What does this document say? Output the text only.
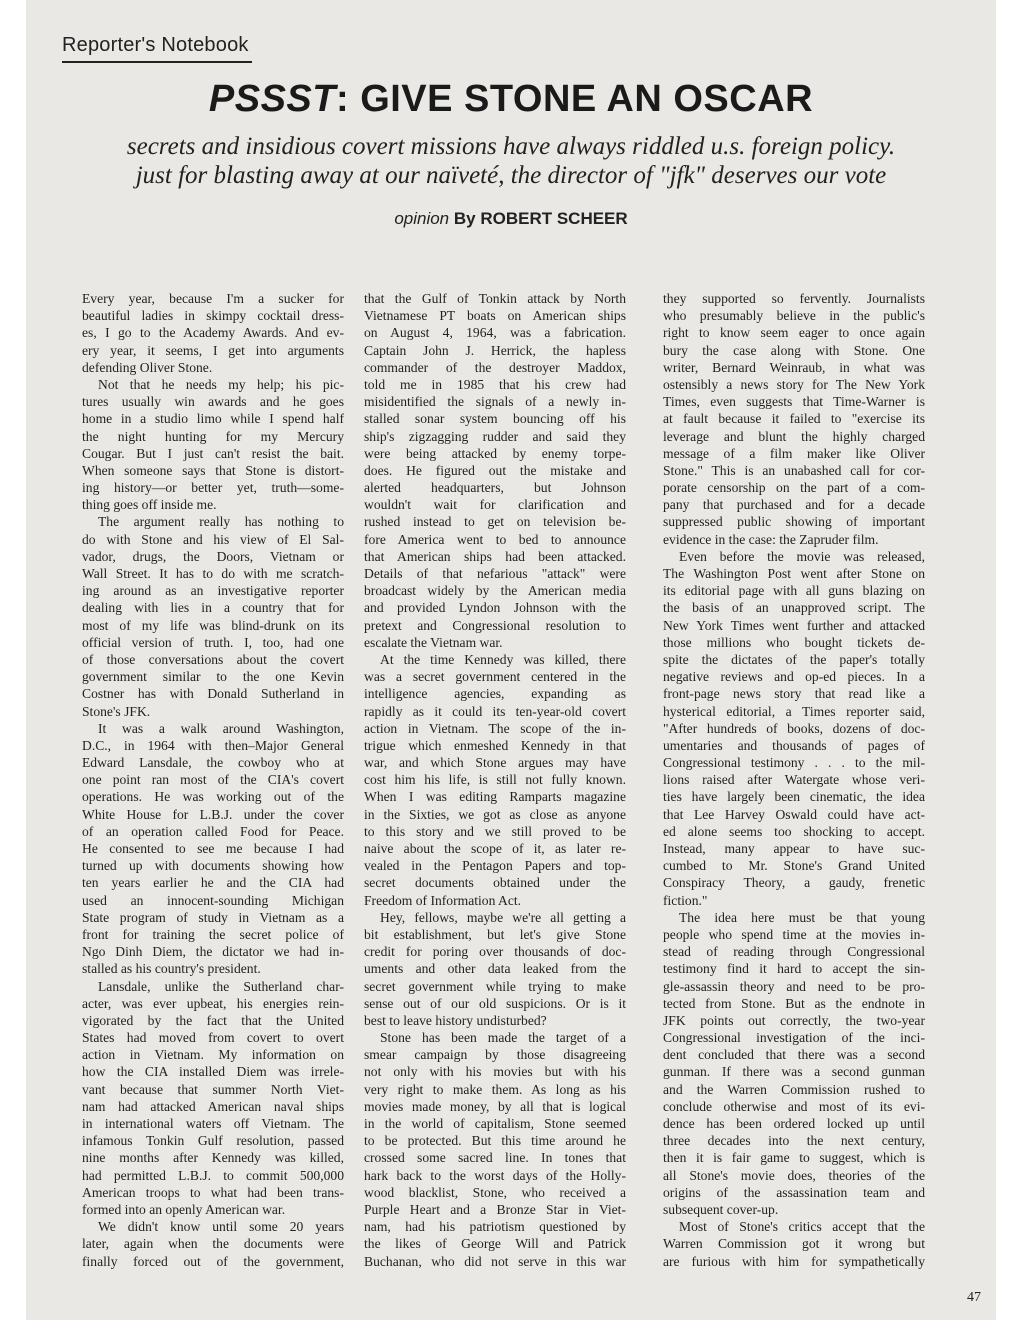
Reporter's Notebook
PSSST: GIVE STONE AN OSCAR
secrets and insidious covert missions have always riddled u.s. foreign policy.
just for blasting away at our naïveté, the director of "jfk" deserves our vote
opinion By ROBERT SCHEER
Every year, because I'm a sucker for
beautiful ladies in skimpy cocktail dress-
es, I go to the Academy Awards. And ev-
ery year, it seems, I get into arguments
defending Oliver Stone.
Not that he needs my help; his pic-
tures usually win awards and he goes
home in a studio limo while I spend half
the night hunting for my Mercury
Cougar. But I just can't resist the bait.
When someone says that Stone is distort-
ing history—or better yet, truth—some-
thing goes off inside me.
The argument really has nothing to
do with Stone and his view of El Sal-
vador, drugs, the Doors, Vietnam or
Wall Street. It has to do with me scratch-
ing around as an investigative reporter
dealing with lies in a country that for
most of my life was blind-drunk on its
official version of truth. I, too, had one
of those conversations about the covert
government similar to the one Kevin
Costner has with Donald Sutherland in
Stone's JFK.
It was a walk around Washington,
D.C., in 1964 with then–Major General
Edward Lansdale, the cowboy who at
one point ran most of the CIA's covert
operations. He was working out of the
White House for L.B.J. under the cover
of an operation called Food for Peace.
He consented to see me because I had
turned up with documents showing how
ten years earlier he and the CIA had
used an innocent-sounding Michigan
State program of study in Vietnam as a
front for training the secret police of
Ngo Dinh Diem, the dictator we had in-
stalled as his country's president.
Lansdale, unlike the Sutherland char-
acter, was ever upbeat, his energies rein-
vigorated by the fact that the United
States had moved from covert to overt
action in Vietnam. My information on
how the CIA installed Diem was irrele-
vant because that summer North Viet-
nam had attacked American naval ships
in international waters off Vietnam. The
infamous Tonkin Gulf resolution, passed
nine months after Kennedy was killed,
had permitted L.B.J. to commit 500,000
American troops to what had been trans-
formed into an openly American war.
We didn't know until some 20 years
later, again when the documents were
finally forced out of the government,
that the Gulf of Tonkin attack by North
Vietnamese PT boats on American ships
on August 4, 1964, was a fabrication.
Captain John J. Herrick, the hapless
commander of the destroyer Maddox,
told me in 1985 that his crew had
misidentified the signals of a newly in-
stalled sonar system bouncing off his
ship's zigzagging rudder and said they
were being attacked by enemy torpe-
does. He figured out the mistake and
alerted headquarters, but Johnson
wouldn't wait for clarification and
rushed instead to get on television be-
fore America went to bed to announce
that American ships had been attacked.
Details of that nefarious "attack" were
broadcast widely by the American media
and provided Lyndon Johnson with the
pretext and Congressional resolution to
escalate the Vietnam war.
At the time Kennedy was killed, there
was a secret government centered in the
intelligence agencies, expanding as
rapidly as it could its ten-year-old covert
action in Vietnam. The scope of the in-
trigue which enmeshed Kennedy in that
war, and which Stone argues may have
cost him his life, is still not fully known.
When I was editing Ramparts magazine
in the Sixties, we got as close as anyone
to this story and we still proved to be
naive about the scope of it, as later re-
vealed in the Pentagon Papers and top-
secret documents obtained under the
Freedom of Information Act.
Hey, fellows, maybe we're all getting a
bit establishment, but let's give Stone
credit for poring over thousands of doc-
uments and other data leaked from the
secret government while trying to make
sense out of our old suspicions. Or is it
best to leave history undisturbed?
Stone has been made the target of a
smear campaign by those disagreeing
not only with his movies but with his
very right to make them. As long as his
movies made money, by all that is logical
in the world of capitalism, Stone seemed
to be protected. But this time around he
crossed some sacred line. In tones that
hark back to the worst days of the Holly-
wood blacklist, Stone, who received a
Purple Heart and a Bronze Star in Viet-
nam, had his patriotism questioned by
the likes of George Will and Patrick
Buchanan, who did not serve in this war
they supported so fervently. Journalists
who presumably believe in the public's
right to know seem eager to once again
bury the case along with Stone. One
writer, Bernard Weinraub, in what was
ostensibly a news story for The New York
Times, even suggests that Time-Warner is
at fault because it failed to "exercise its
leverage and blunt the highly charged
message of a film maker like Oliver
Stone." This is an unabashed call for cor-
porate censorship on the part of a com-
pany that purchased and for a decade
suppressed public showing of important
evidence in the case: the Zapruder film.
Even before the movie was released,
The Washington Post went after Stone on
its editorial page with all guns blazing on
the basis of an unapproved script. The
New York Times went further and attacked
those millions who bought tickets de-
spite the dictates of the paper's totally
negative reviews and op-ed pieces. In a
front-page news story that read like a
hysterical editorial, a Times reporter said,
"After hundreds of books, dozens of doc-
umentaries and thousands of pages of
Congressional testimony . . . to the mil-
lions raised after Watergate whose veri-
ties have largely been cinematic, the idea
that Lee Harvey Oswald could have act-
ed alone seems too shocking to accept.
Instead, many appear to have suc-
cumbed to Mr. Stone's Grand United
Conspiracy Theory, a gaudy, frenetic
fiction."
The idea here must be that young
people who spend time at the movies in-
stead of reading through Congressional
testimony find it hard to accept the sin-
gle-assassin theory and need to be pro-
tected from Stone. But as the endnote in
JFK points out correctly, the two-year
Congressional investigation of the inci-
dent concluded that there was a second
gunman. If there was a second gunman
and the Warren Commission rushed to
conclude otherwise and most of its evi-
dence has been ordered locked up until
three decades into the next century,
then it is fair game to suggest, which is
all Stone's movie does, theories of the
origins of the assassination team and
subsequent cover-up.
Most of Stone's critics accept that the
Warren Commission got it wrong but
are furious with him for sympathetically
47
